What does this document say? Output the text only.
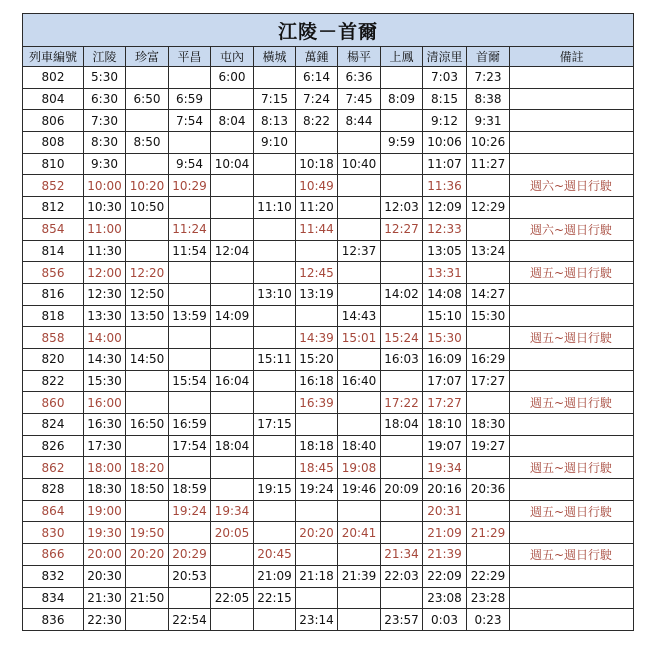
江陵－首爾											
列車編號	江陵	珍富	平昌	屯內	橫城	萬鍾	楊平	上鳳	清涼里	首爾	備註
802	5:30			6:00		6:14	6:36		7:03	7:23	
804	6:30	6:50	6:59		7:15	7:24	7:45	8:09	8:15	8:38	
806	7:30		7:54	8:04	8:13	8:22	8:44		9:12	9:31	
808	8:30	8:50			9:10			9:59	10:06	10:26	
810	9:30		9:54	10:04		10:18	10:40		11:07	11:27	
852	10:00	10:20	10:29			10:49			11:36		週六~週日行駛
812	10:30	10:50			11:10	11:20		12:03	12:09	12:29	
854	11:00		11:24			11:44		12:27	12:33		週六~週日行駛
814	11:30		11:54	12:04			12:37		13:05	13:24	
856	12:00	12:20				12:45			13:31		週五~週日行駛
816	12:30	12:50			13:10	13:19		14:02	14:08	14:27	
818	13:30	13:50	13:59	14:09			14:43		15:10	15:30	
858	14:00					14:39	15:01	15:24	15:30		週五~週日行駛
820	14:30	14:50			15:11	15:20		16:03	16:09	16:29	
822	15:30		15:54	16:04		16:18	16:40		17:07	17:27	
860	16:00					16:39		17:22	17:27		週五~週日行駛
824	16:30	16:50	16:59		17:15			18:04	18:10	18:30	
826	17:30		17:54	18:04		18:18	18:40		19:07	19:27	
862	18:00	18:20				18:45	19:08		19:34		週五~週日行駛
828	18:30	18:50	18:59		19:15	19:24	19:46	20:09	20:16	20:36	
864	19:00		19:24	19:34					20:31		週五~週日行駛
830	19:30	19:50		20:05		20:20	20:41		21:09	21:29	
866	20:00	20:20	20:29		20:45			21:34	21:39		週五~週日行駛
832	20:30		20:53		21:09	21:18	21:39	22:03	22:09	22:29	
834	21:30	21:50		22:05	22:15				23:08	23:28	
836	22:30		22:54			23:14		23:57	0:03	0:23	
